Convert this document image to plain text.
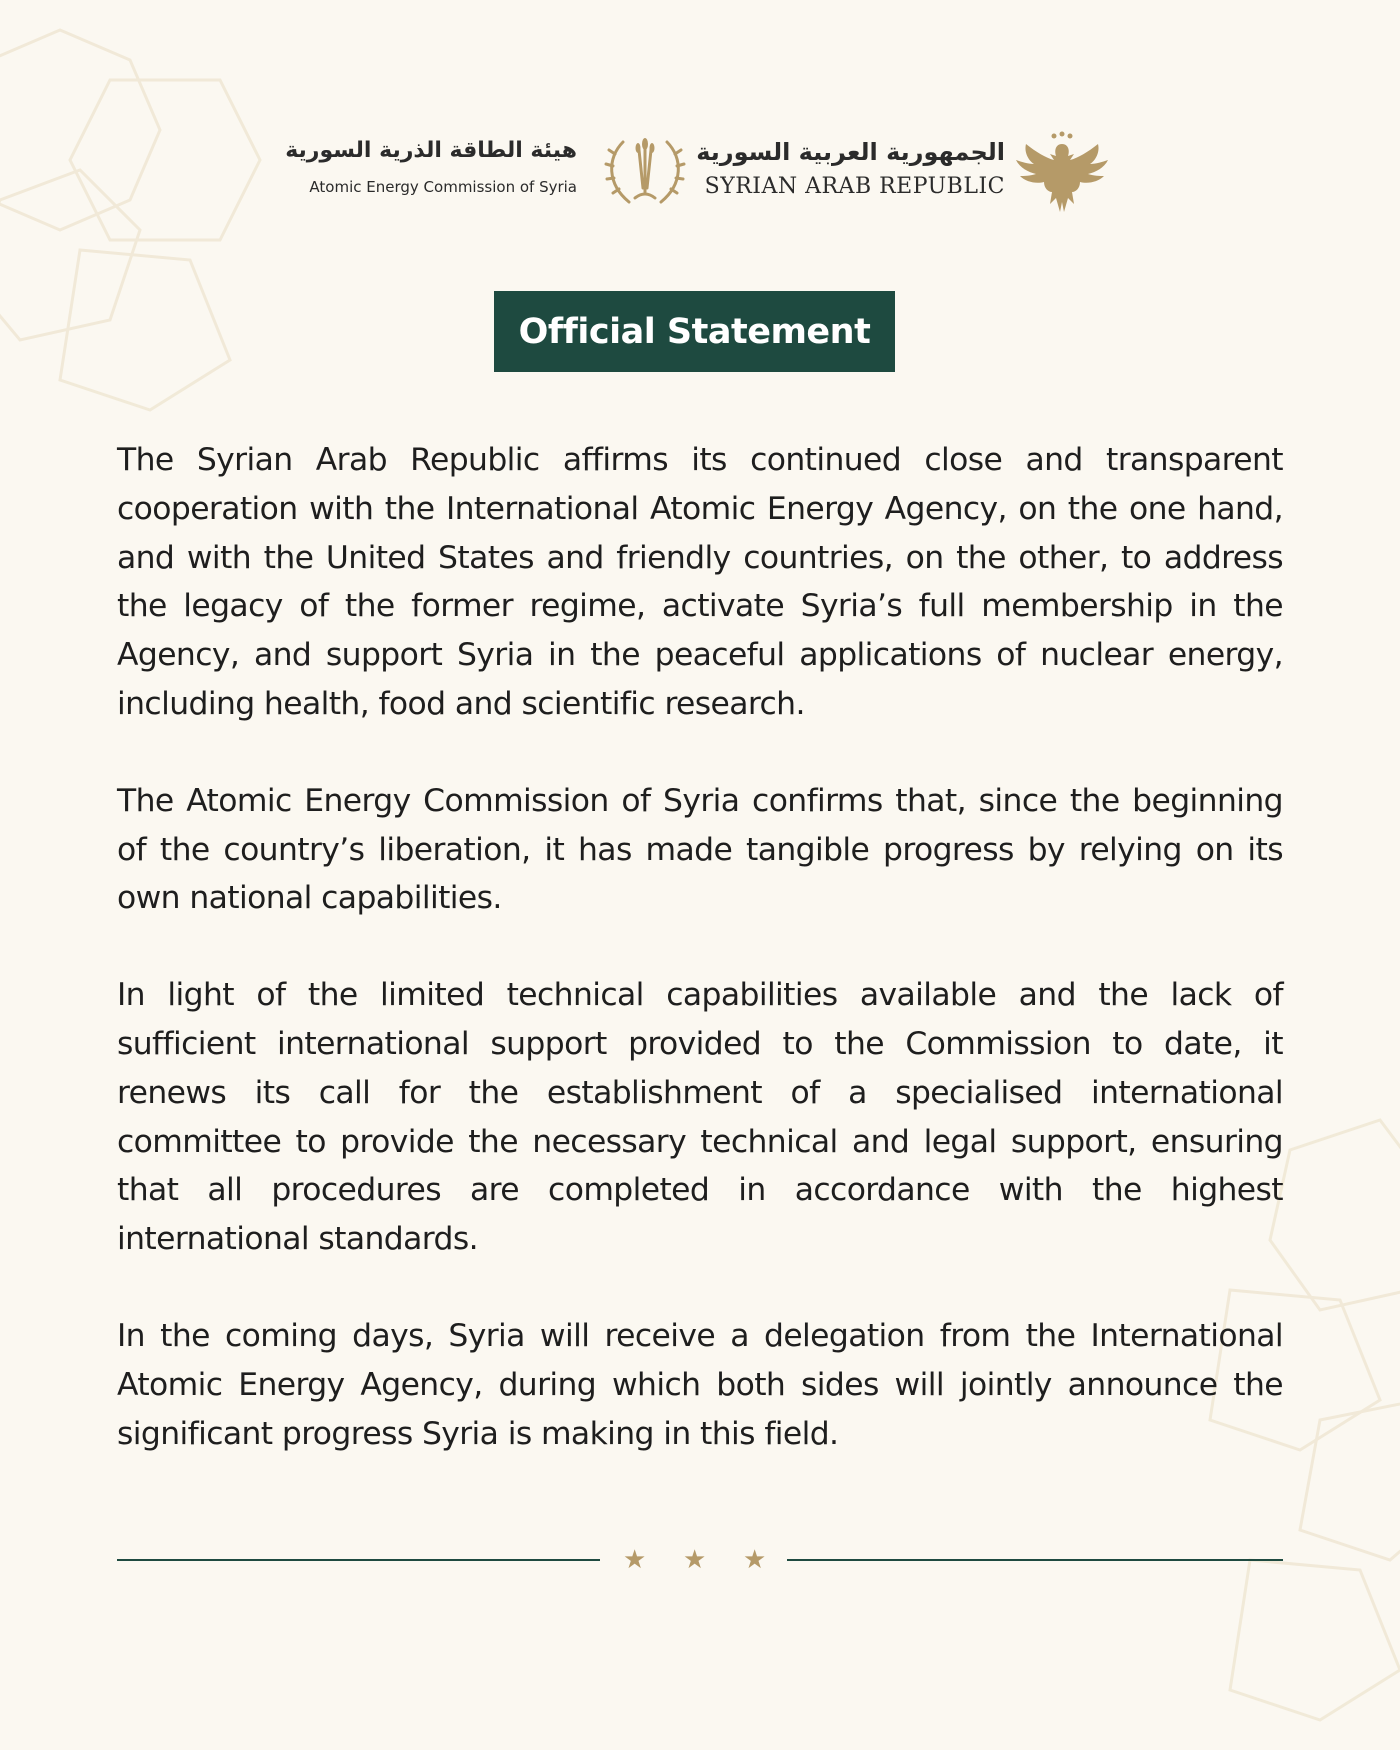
هيئة الطاقة الذرية السورية
Atomic Energy Commission of Syria
الجمهورية العربية السورية
SYRIAN ARAB REPUBLIC
Official Statement

The Syrian Arab Republic affirms its continued close and transparent cooperation with the International Atomic Energy Agency, on the one hand, and with the United States and friendly countries, on the other, to address the legacy of the former regime, activate Syria’s full membership in the Agency, and support Syria in the peaceful applications of nuclear energy, including health, food and scientific research.

The Atomic Energy Commission of Syria confirms that, since the beginning of the country’s liberation, it has made tangible progress by relying on its own national capabilities.

In light of the limited technical capabilities available and the lack of sufficient international support provided to the Commission to date, it renews its call for the establishment of a specialised international committee to provide the necessary technical and legal support, ensuring that all procedures are completed in accordance with the highest international standards.

In the coming days, Syria will receive a delegation from the International Atomic Energy Agency, during which both sides will jointly announce the significant progress Syria is making in this field.

★ ★ ★
